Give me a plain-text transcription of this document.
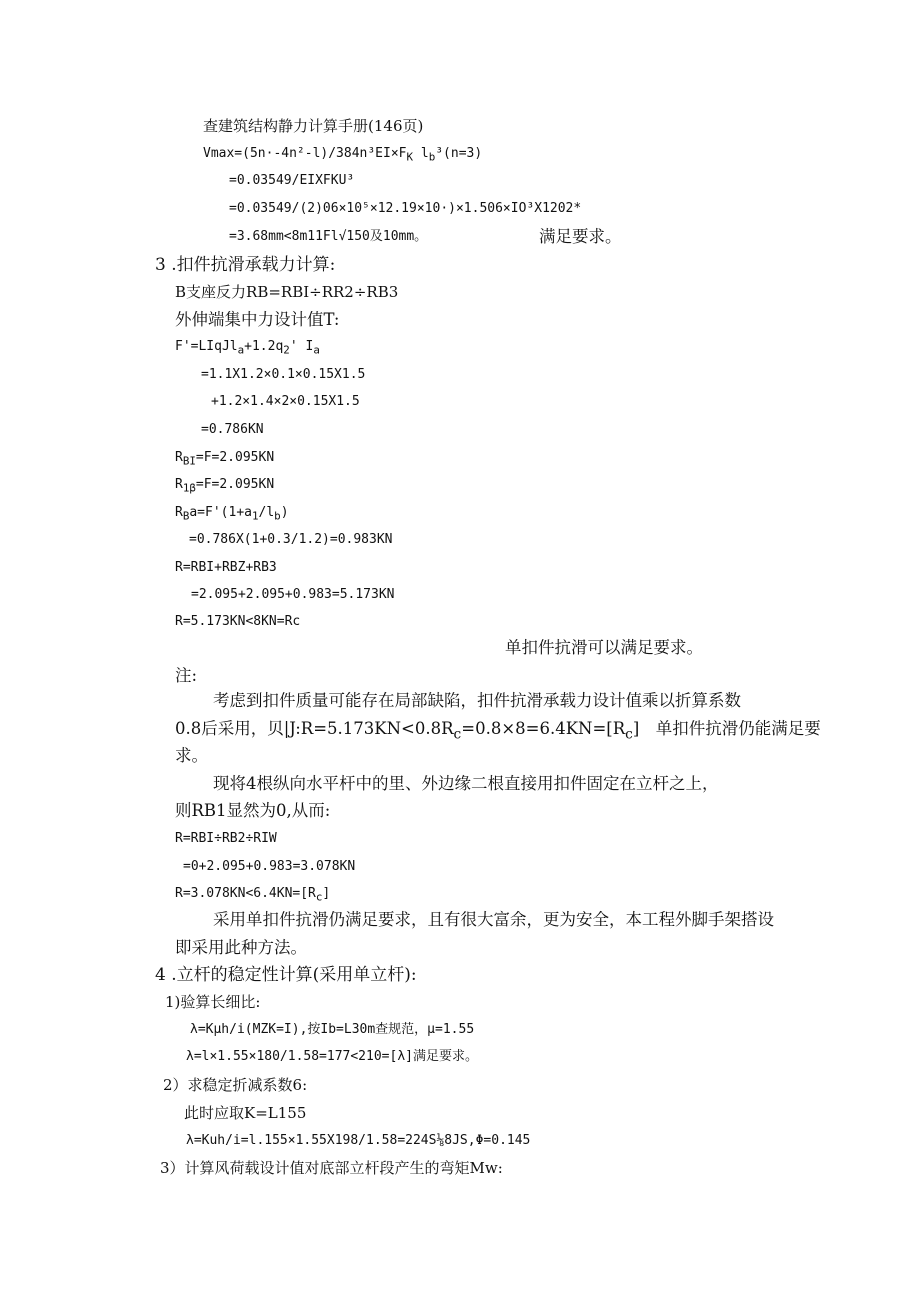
查建筑结构静力计算手册(146页)
$Vmax=(5n\cdot-4n^2-l)/384n^3EI\times F_K$ $l_b^3(n=3)$
=0.03549/EIXFKU³
=0.03549/(2)06×10⁵×12.19×10·)×1.506×IO³X1202*
=3.68mm<8m11Fl√150及10mm。	满足要求。
3 .扣件抗滑承载力计算:
B支座反力RB=RBI÷RR2÷RB3
外伸端集中力设计值T:
$F'=LIqJl_a+1.2q_2'$ $I_a$
=1.1X1.2×0.1×0.15X1.5
+1.2×1.4×2×0.15X1.5
=0.786KN
$R_{BI}=F=2.095KN$
$R_{1\beta}=F=2.095KN$
$R_Ba=F'(1+a_1/l_b)$
=0.786X(1+0.3/1.2)=0.983KN
R=RBI+RBZ+RB3
=2.095+2.095+0.983=5.173KN
R=5.173KN<8KN=Rc
单扣件抗滑可以满足要求。
注:
考虑到扣件质量可能存在局部缺陷，扣件抗滑承载力设计值乘以折算系数
0.8后采用，贝$|J:R=5.173KN<0.8R_c=0.8\times 8=6.4KN=[R_c]$　单扣件抗滑仍能满足要
求。
现将4根纵向水平杆中的里、外边缘二根直接用扣件固定在立杆之上，
则RB1显然为0,从而:
R=RBI÷RB2÷RIW
=0+2.095+0.983=3.078KN
$R=3.078KN<6.4KN=[R_c]$
采用单扣件抗滑仍满足要求，且有很大富余，更为安全，本工程外脚手架搭设
即采用此种方法。
4 .立杆的稳定性计算(采用单立杆):
1)验算长细比:
λ=Kμh/i(MZK=I),按Ib=L30m查规范，μ=1.55
λ=l×1.55×180/1.58=177<210=[λ]满足要求。
2）求稳定折减系数6:
此时应取K=L155
λ=Kuh/i=l.155×1.55X198/1.58=224S⅛8JS,Φ=0.145
3）计算风荷载设计值对底部立杆段产生的弯矩Mw:
